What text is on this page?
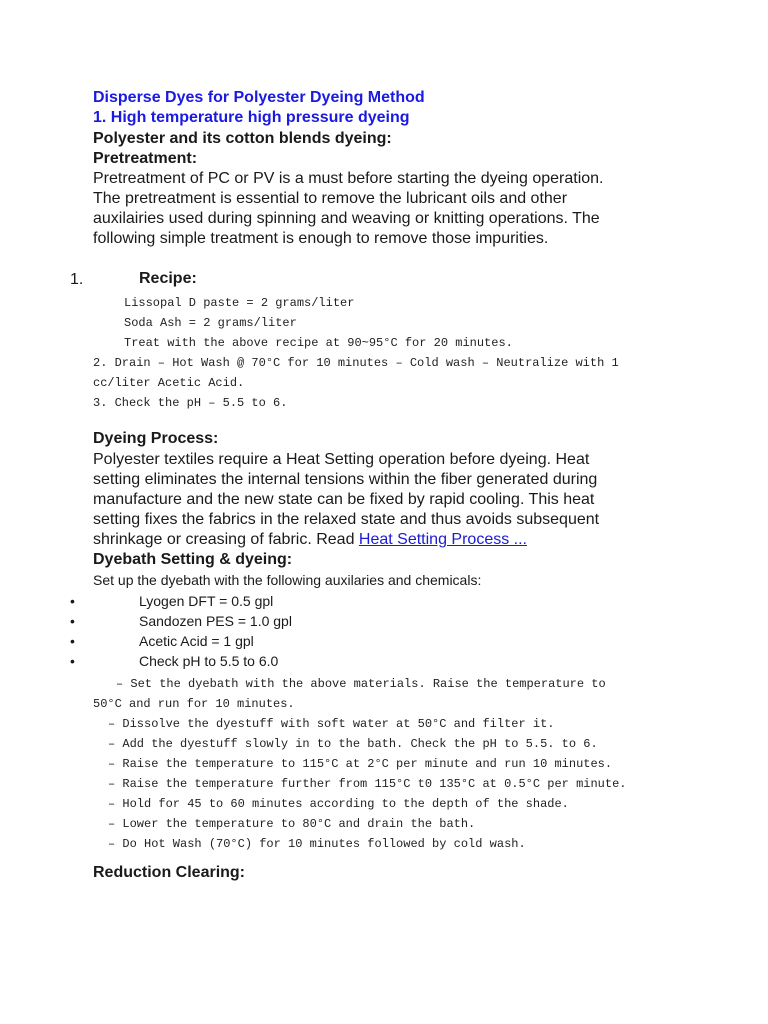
Disperse Dyes for Polyester Dyeing Method
1. High temperature high pressure dyeing
Polyester and its cotton blends dyeing:
Pretreatment:
Pretreatment of PC or PV is a must before starting the dyeing operation.
The pretreatment is essential to remove the lubricant oils and other
auxilairies used during spinning and weaving or knitting operations. The
following simple treatment is enough to remove those impurities.
1.	Recipe:
Lissopal D paste = 2 grams/liter
Soda Ash = 2 grams/liter
Treat with the above recipe at 90~95°C for 20 minutes.
2. Drain – Hot Wash @ 70°C for 10 minutes – Cold wash – Neutralize with 1
cc/liter Acetic Acid.
3. Check the pH – 5.5 to 6.
Dyeing Process:
Polyester textiles require a Heat Setting operation before dyeing. Heat
setting eliminates the internal tensions within the fiber generated during
manufacture and the new state can be fixed by rapid cooling. This heat
setting fixes the fabrics in the relaxed state and thus avoids subsequent
shrinkage or creasing of fabric. Read Heat Setting Process ...
Dyebath Setting & dyeing:
Set up the dyebath with the following auxilaries and chemicals:
•	Lyogen DFT = 0.5 gpl
•	Sandozen PES = 1.0 gpl
•	Acetic Acid = 1 gpl
•	Check pH to 5.5 to 6.0
– Set the dyebath with the above materials. Raise the temperature to
50°C and run for 10 minutes.
– Dissolve the dyestuff with soft water at 50°C and filter it.
– Add the dyestuff slowly in to the bath. Check the pH to 5.5. to 6.
– Raise the temperature to 115°C at 2°C per minute and run 10 minutes.
– Raise the temperature further from 115°C t0 135°C at 0.5°C per minute.
– Hold for 45 to 60 minutes according to the depth of the shade.
– Lower the temperature to 80°C and drain the bath.
– Do Hot Wash (70°C) for 10 minutes followed by cold wash.
Reduction Clearing:
